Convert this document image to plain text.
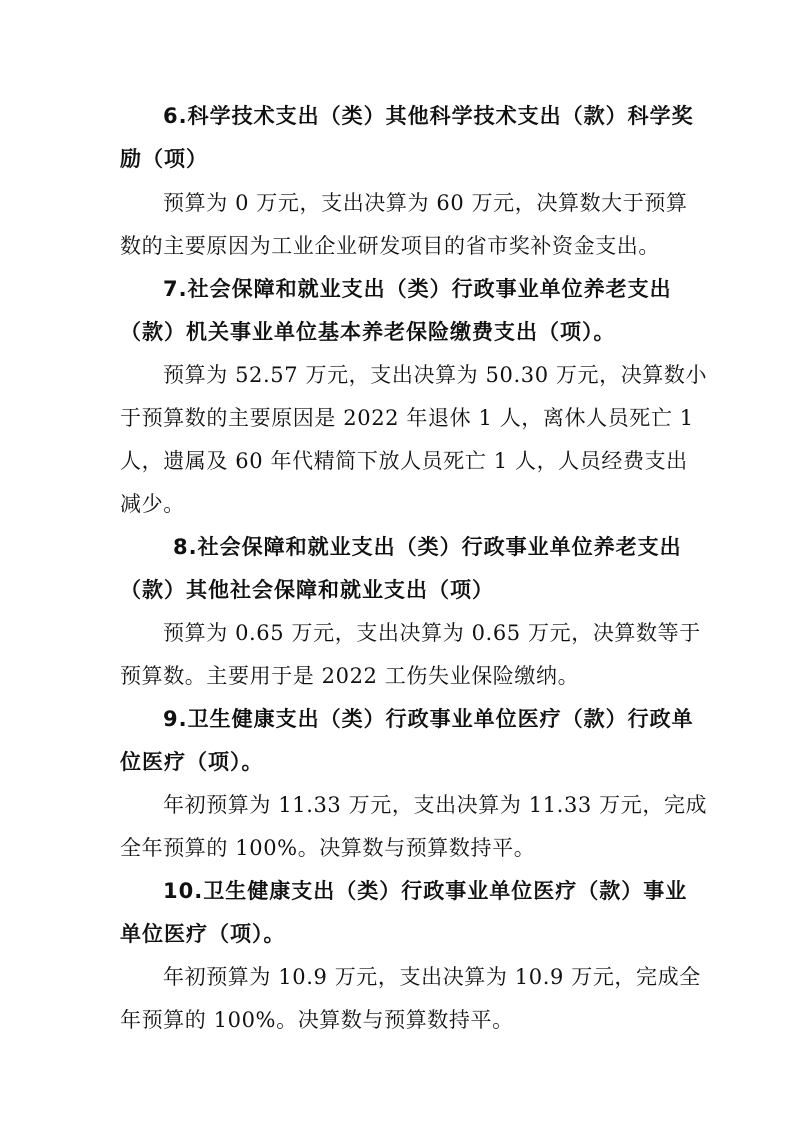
6.科学技术支出（类）其他科学技术支出（款）科学奖
励（项）
预算为 0 万元，支出决算为 60 万元，决算数大于预算
数的主要原因为工业企业研发项目的省市奖补资金支出。
7.社会保障和就业支出（类）行政事业单位养老支出
（款）机关事业单位基本养老保险缴费支出（项）。
预算为 52.57 万元，支出决算为 50.30 万元，决算数小
于预算数的主要原因是 2022 年退休 1 人，离休人员死亡 1
人，遗属及 60 年代精简下放人员死亡 1 人，人员经费支出
减少。
8.社会保障和就业支出（类）行政事业单位养老支出
（款）其他社会保障和就业支出（项）
预算为 0.65 万元，支出决算为 0.65 万元，决算数等于
预算数。主要用于是 2022 工伤失业保险缴纳。
9.卫生健康支出（类）行政事业单位医疗（款）行政单
位医疗（项）。
年初预算为 11.33 万元，支出决算为 11.33 万元，完成
全年预算的 100%。决算数与预算数持平。
10.卫生健康支出（类）行政事业单位医疗（款）事业
单位医疗（项）。
年初预算为 10.9 万元，支出决算为 10.9 万元，完成全
年预算的 100%。决算数与预算数持平。
